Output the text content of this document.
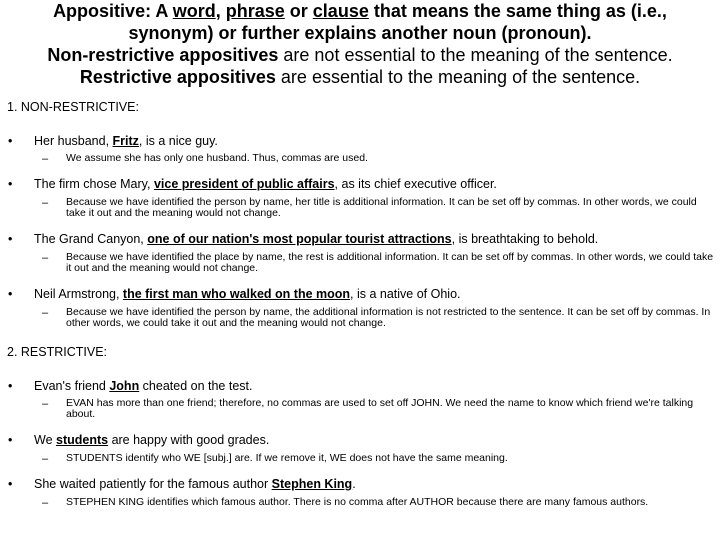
Appositive: A word, phrase or clause that means the same thing as (i.e.,
synonym) or further explains another noun (pronoun).
Non-restrictive appositives are not essential to the meaning of the sentence.
Restrictive appositives are essential to the meaning of the sentence.
1. NON-RESTRICTIVE:
• Her husband, Fritz, is a nice guy.
– We assume she has only one husband. Thus, commas are used.
• The firm chose Mary, vice president of public affairs, as its chief executive officer.
– Because we have identified the person by name, her title is additional information. It can be set off by commas. In other words, we could take it out and the meaning would not change.
• The Grand Canyon, one of our nation's most popular tourist attractions, is breathtaking to behold.
– Because we have identified the place by name, the rest is additional information. It can be set off by commas. In other words, we could take it out and the meaning would not change.
• Neil Armstrong, the first man who walked on the moon, is a native of Ohio.
– Because we have identified the person by name, the additional information is not restricted to the sentence. It can be set off by commas. In other words, we could take it out and the meaning would not change.
2. RESTRICTIVE:
• Evan's friend John cheated on the test.
– EVAN has more than one friend; therefore, no commas are used to set off JOHN. We need the name to know which friend we're talking about.
• We students are happy with good grades.
– STUDENTS identify who WE [subj.] are. If we remove it, WE does not have the same meaning.
• She waited patiently for the famous author Stephen King.
– STEPHEN KING identifies which famous author. There is no comma after AUTHOR because there are many famous authors.
